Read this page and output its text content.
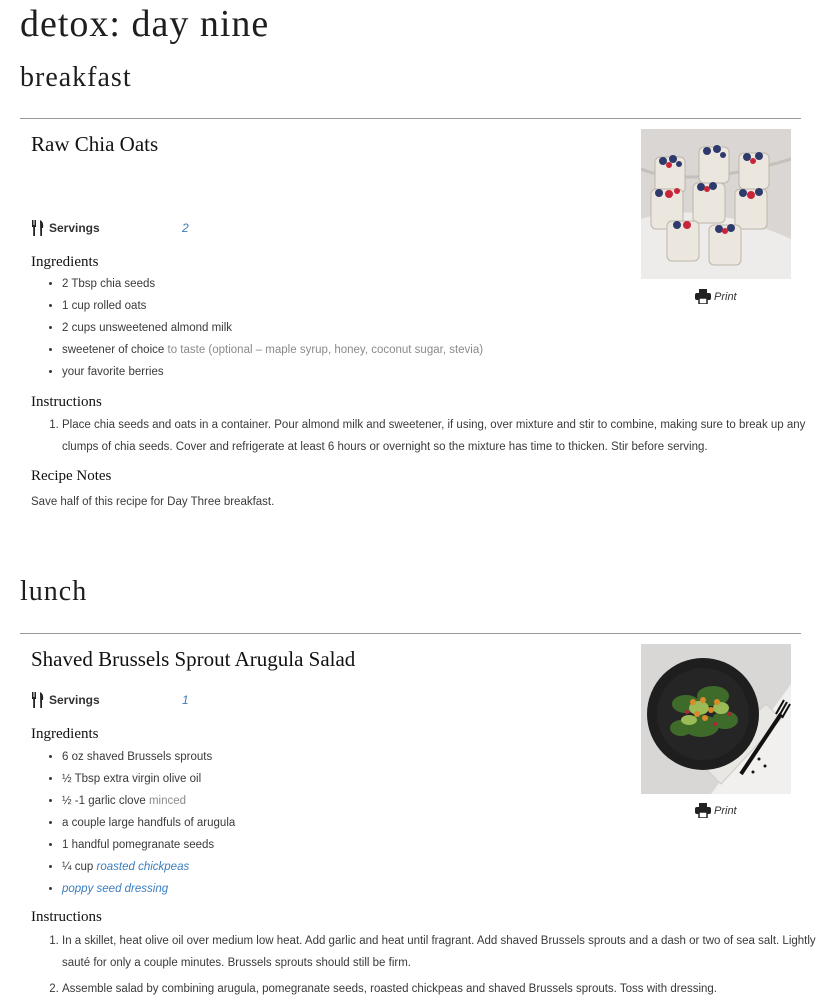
detox: day nine
breakfast
Raw Chia Oats
Print
Servings	2
Ingredients
• 2 Tbsp chia seeds
• 1 cup rolled oats
• 2 cups unsweetened almond milk
• sweetener of choice to taste (optional – maple syrup, honey, coconut sugar, stevia)
• your favorite berries
Instructions
1. Place chia seeds and oats in a container. Pour almond milk and sweetener, if using, over mixture and stir to combine, making sure to break up any clumps of chia seeds. Cover and refrigerate at least 6 hours or overnight so the mixture has time to thicken. Stir before serving.
Recipe Notes

Save half of this recipe for Day Three breakfast.

lunch
Shaved Brussels Sprout Arugula Salad
Print
Servings	1
Ingredients
• 6 oz shaved Brussels sprouts
• ½ Tbsp extra virgin olive oil
• ½ -1 garlic clove minced
• a couple large handfuls of arugula
• 1 handful pomegranate seeds
• ¼ cup roasted chickpeas
• poppy seed dressing
Instructions
1. In a skillet, heat olive oil over medium low heat. Add garlic and heat until fragrant. Add shaved Brussels sprouts and a dash or two of sea salt. Lightly sauté for only a couple minutes. Brussels sprouts should still be firm.
2. Assemble salad by combining arugula, pomegranate seeds, roasted chickpeas and shaved Brussels sprouts. Toss with dressing.
